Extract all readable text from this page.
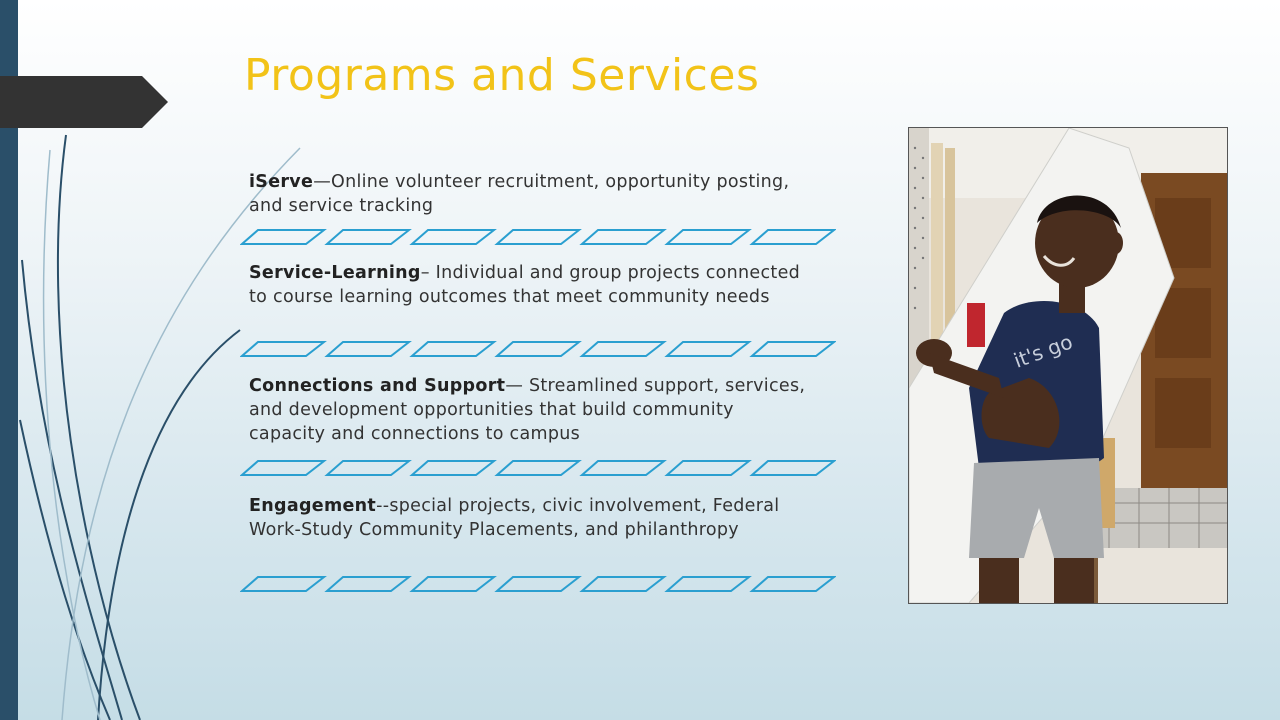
Programs and Services
iServe—Online volunteer recruitment, opportunity posting, and service tracking
Service-Learning– Individual and group projects connected to course learning outcomes that meet community needs
Connections and Support— Streamlined support, services, and development opportunities that build community capacity and connections to campus
Engagement--special projects, civic involvement, Federal Work-Study Community Placements, and philanthropy
it's go
